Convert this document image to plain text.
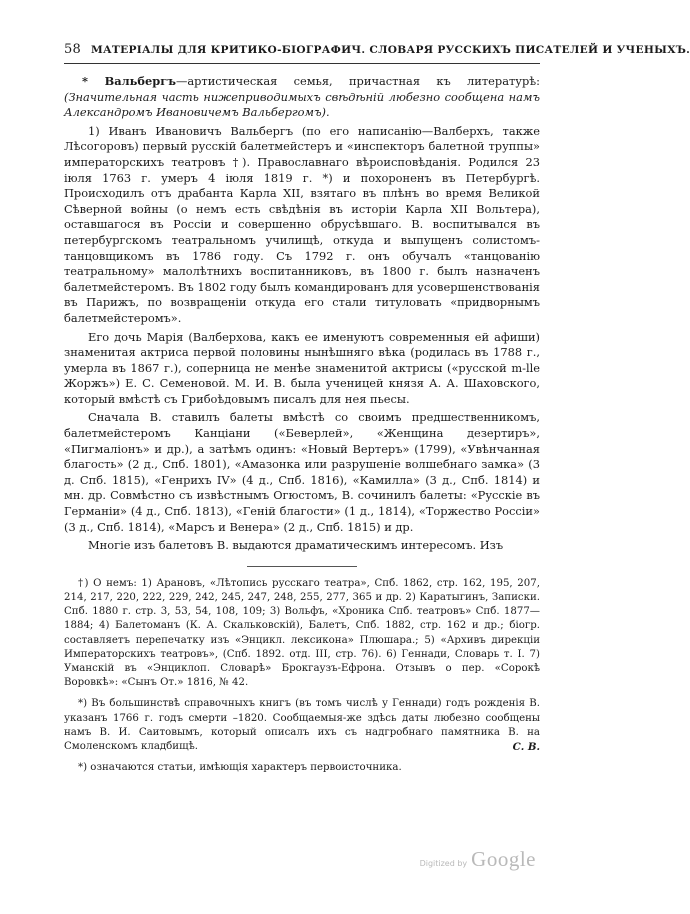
58 МАТЕРІАЛЫ ДЛЯ КРИТИКО-БІОГРАФИЧ. СЛОВАРЯ РУССКИХЪ ПИСАТЕЛЕЙ И УЧЕНЫХЪ.

* Вальбергъ—артистическая семья, причастная къ литературѣ: (Значительная часть нижеприводимыхъ свѣдѣній любезно сообщена намъ Александромъ Ивановичемъ Вальбергомъ).

1) Иванъ Ивановичъ Вальбергъ (по его написанію—Валберхъ, также Лѣсогоровъ) первый русскій балетмейстеръ и «инспекторъ балетной труппы» императорскихъ театровъ †). Православнаго вѣроисповѣданія. Родился 23 іюля 1763 г. умеръ 4 іюля 1819 г. *) и похороненъ въ Петербургѣ. Происходилъ отъ драбанта Карла XII, взятаго въ плѣнъ во время Великой Сѣверной войны (о немъ есть свѣдѣнія въ исторіи Карла XII Вольтера), оставшагося въ Россіи и совершенно обрусѣвшаго. В. воспитывался въ петербургскомъ театральномъ училищѣ, откуда и выпущенъ солистомъ-танцовщикомъ въ 1786 году. Съ 1792 г. онъ обучалъ «танцованію театральному» малолѣтнихъ воспитанниковъ, въ 1800 г. былъ назначенъ балетмейстеромъ. Въ 1802 году былъ командированъ для усовершенствованія въ Парижъ, по возвращеніи откуда его стали титуловать «придворнымъ балетмейстеромъ».

Его дочь Марія (Валберхова, какъ ее именуютъ современныя ей афиши) знаменитая актриса первой половины нынѣшняго вѣка (родилась въ 1788 г., умерла въ 1867 г.), соперница не менѣе знаменитой актрисы («русской m-lle Жоржъ») Е. С. Семеновой. М. И. В. была ученицей князя А. А. Шаховского, который вмѣстѣ съ Грибоѣдовымъ писалъ для нея пьесы.

Сначала В. ставилъ балеты вмѣстѣ со своимъ предшественникомъ, балетмейстеромъ Канціани («Беверлей», «Женщина дезертиръ», «Пигмаліонъ» и др.), а затѣмъ одинъ: «Новый Вертеръ» (1799), «Увѣнчанная благость» (2 д., Спб. 1801), «Амазонка или разрушеніе волшебнаго замка» (3 д. Спб. 1815), «Генрихъ IV» (4 д., Спб. 1816), «Камилла» (3 д., Спб. 1814) и мн. др. Совмѣстно съ извѣстнымъ Огюстомъ, В. сочинилъ балеты: «Русскіе въ Германіи» (4 д., Спб. 1813), «Геній благости» (1 д., 1814), «Торжество Россіи» (3 д., Спб. 1814), «Марсъ и Венера» (2 д., Спб. 1815) и др.

Многіе изъ балетовъ В. выдаются драматическимъ интересомъ. Изъ

†) О немъ: 1) Арановъ, «Лѣтопись русскаго театра», Спб. 1862, стр. 162, 195, 207, 214, 217, 220, 222, 229, 242, 245, 247, 248, 255, 277, 365 и др. 2) Каратыгинъ, Записки. Спб. 1880 г. стр. 3, 53, 54, 108, 109; 3) Вольфъ, «Хроника Спб. театровъ» Спб. 1877—1884; 4) Балетоманъ (К. А. Скальковскій), Балетъ, Спб. 1882, стр. 162 и др.; біогр. составляетъ перепечатку изъ «Энцикл. лексикона» Плюшара.; 5) «Архивъ дирекціи Императорскихъ театровъ», (Спб. 1892. отд. III, стр. 76). 6) Геннади, Словарь т. I. 7) Уманскій въ «Энциклоп. Словарѣ» Брокгаузъ-Ефрона. Отзывъ о пер. «Сорокѣ Воровкѣ»: «Сынъ От.» 1816, № 42.

*) Въ большинствѣ справочныхъ книгъ (въ томъ числѣ у Геннади) годъ рожденія В. указанъ 1766 г. годъ смерти –1820. Сообщаемыя-же здѣсь даты любезно сообщены намъ В. И. Саитовымъ, который описалъ ихъ съ надгробнаго памятника В. на Смоленскомъ кладбищѣ.	С. В.

*) означаются статьи, имѣющія характеръ первоисточника.

Digitized by Google
